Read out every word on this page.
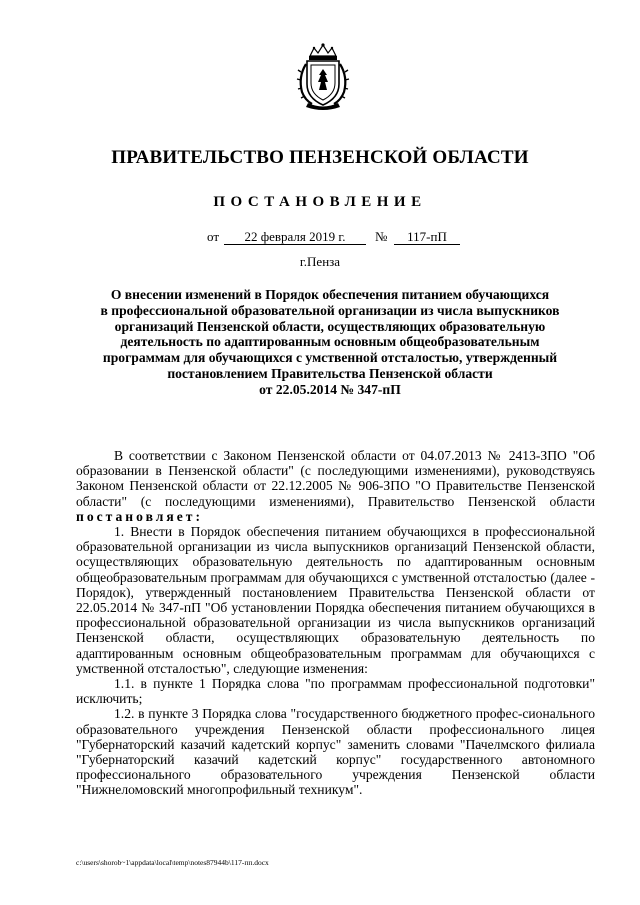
ПРАВИТЕЛЬСТВО ПЕНЗЕНСКОЙ ОБЛАСТИ
ПОСТАНОВЛЕНИЕ
от	22 февраля 2019 г.	№	117-пП
г.Пенза
О внесении изменений в Порядок обеспечения питанием обучающихся
в профессиональной образовательной организации из числа выпускников
организаций Пензенской области, осуществляющих образовательную
деятельность по адаптированным основным общеобразовательным
программам для обучающихся с умственной отсталостью, утвержденный
постановлением Правительства Пензенской области
от 22.05.2014 № 347-пП

В соответствии с Законом Пензенской области от 04.07.2013 № 2413-ЗПО "Об образовании в Пензенской области" (с последующими изменениями), руководствуясь Законом Пензенской области от 22.12.2005 № 906-ЗПО "О Правительстве Пензенской области" (с последующими изменениями), Правительство Пензенской области постановляет:

1. Внести в Порядок обеспечения питанием обучающихся в профессиональной образовательной организации из числа выпускников организаций Пензенской области, осуществляющих образовательную деятельность по адаптированным основным общеобразовательным программам для обучающихся с умственной отсталостью (далее - Порядок), утвержденный постановлением Правительства Пензенской области от 22.05.2014 № 347-пП "Об установлении Порядка обеспечения питанием обучающихся в профессиональной образовательной организации из числа выпускников организаций Пензенской области, осуществляющих образовательную деятельность по адаптированным основным общеобразовательным программам для обучающихся с умственной отсталостью", следующие изменения:

1.1. в пункте 1 Порядка слова "по программам профессиональной подготовки" исключить;

1.2. в пункте 3 Порядка слова "государственного бюджетного профес-сионального образовательного учреждения Пензенской области профессионального лицея "Губернаторский казачий кадетский корпус" заменить словами "Пачелмского филиала "Губернаторский казачий кадетский корпус" государственного автономного профессионального образовательного учреждения Пензенской области "Нижнеломовский многопрофильный техникум".

c:\users\shorob~1\appdata\local\temp\notes87944b\117-пп.docx
